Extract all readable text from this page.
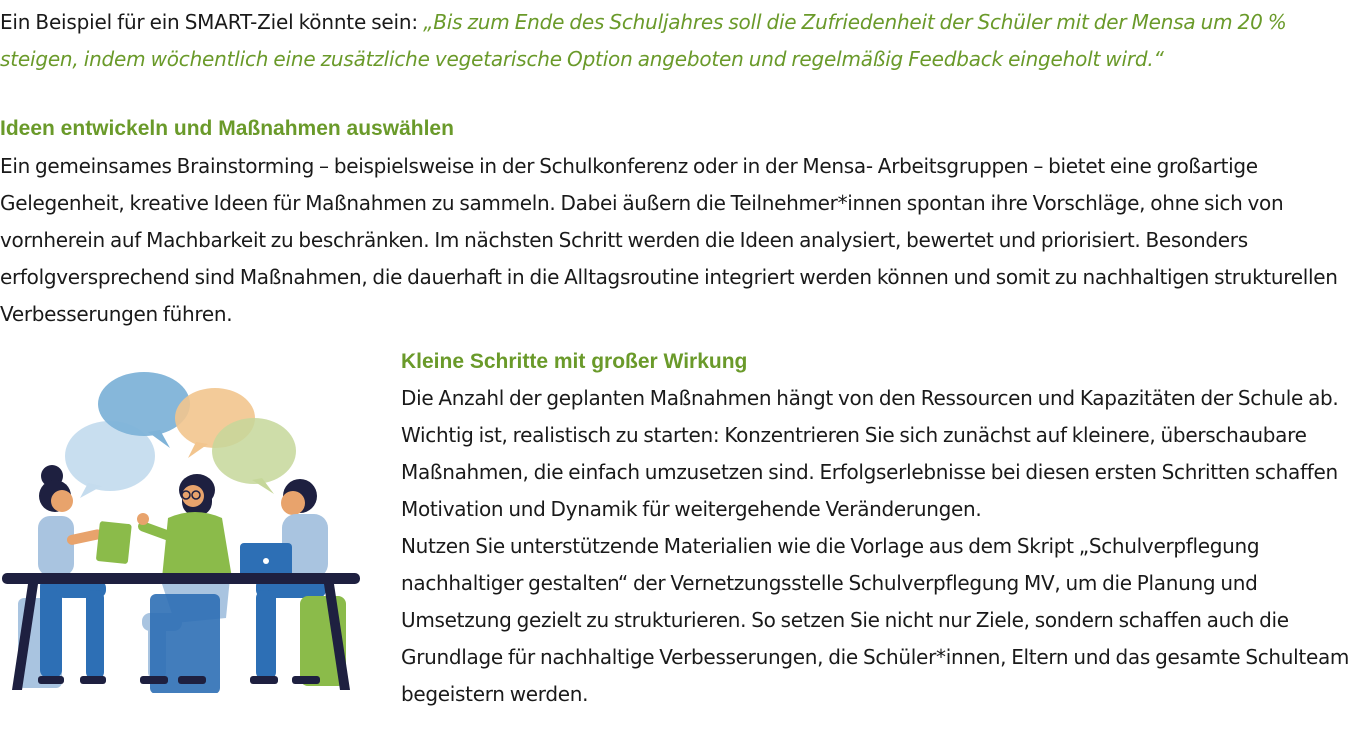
Ein Beispiel für ein SMART-Ziel könnte sein: „Bis zum Ende des Schuljahres soll die Zufriedenheit der Schüler mit der Mensa um 20 % steigen, indem wöchentlich eine zusätzliche vegetarische Option angeboten und regelmäßig Feedback eingeholt wird.“
Ideen entwickeln und Maßnahmen auswählen

Ein gemeinsames Brainstorming – beispielsweise in der Schulkonferenz oder in der Mensa- Arbeitsgruppen – bietet eine großartige Gelegenheit, kreative Ideen für Maßnahmen zu sammeln. Dabei äußern die Teilnehmer*innen spontan ihre Vorschläge, ohne sich von vornherein auf Machbarkeit zu beschränken. Im nächsten Schritt werden die Ideen analysiert, bewertet und priorisiert. Besonders erfolgversprechend sind Maßnahmen, die dauerhaft in die Alltagsroutine integriert werden können und somit zu nachhaltigen strukturellen Verbesserungen führen.

Kleine Schritte mit großer Wirkung

Die Anzahl der geplanten Maßnahmen hängt von den Ressourcen und Kapazitäten der Schule ab. Wichtig ist, realistisch zu starten: Konzentrieren Sie sich zunächst auf kleinere, überschaubare Maßnahmen, die einfach umzusetzen sind. Erfolgserlebnisse bei diesen ersten Schritten schaffen Motivation und Dynamik für weitergehende Veränderungen.

Nutzen Sie unterstützende Materialien wie die Vorlage aus dem Skript „Schulverpflegung nachhaltiger gestalten“ der Vernetzungsstelle Schulverpflegung MV, um die Planung und Umsetzung gezielt zu strukturieren. So setzen Sie nicht nur Ziele, sondern schaffen auch die Grundlage für nachhaltige Verbesserungen, die Schüler*innen, Eltern und das gesamte Schulteam begeistern werden.
